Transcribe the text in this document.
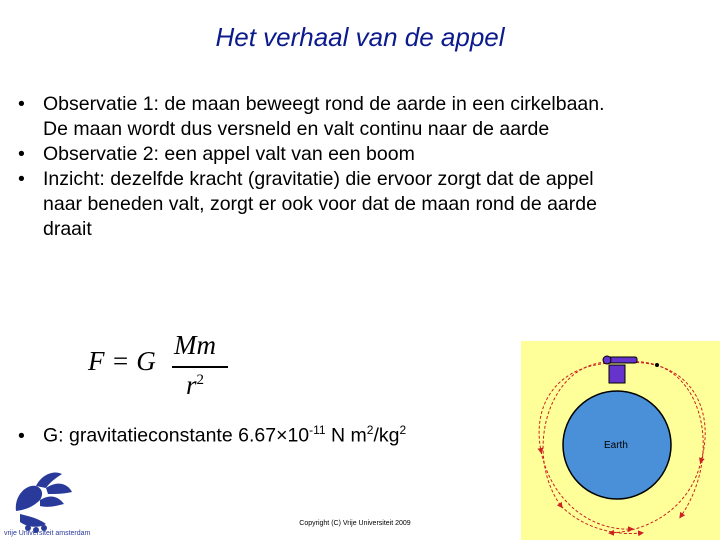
Het verhaal van de appel
• Observatie 1: de maan beweegt rond de aarde in een cirkelbaan. De maan wordt dus versneld en valt continu naar de aarde
• Observatie 2: een appel valt van een boom
• Inzicht: dezelfde kracht (gravitatie) die ervoor zorgt dat de appel naar beneden valt, zorgt er ook voor dat de maan rond de aarde draait
F = G
Mm
$r^2$
• G: gravitatieconstante $6.67\times 10^{-11}$ N $m^2/kg^2$
Earth
vrije Universiteit amsterdam
Copyright (C) Vrije Universiteit 2009
